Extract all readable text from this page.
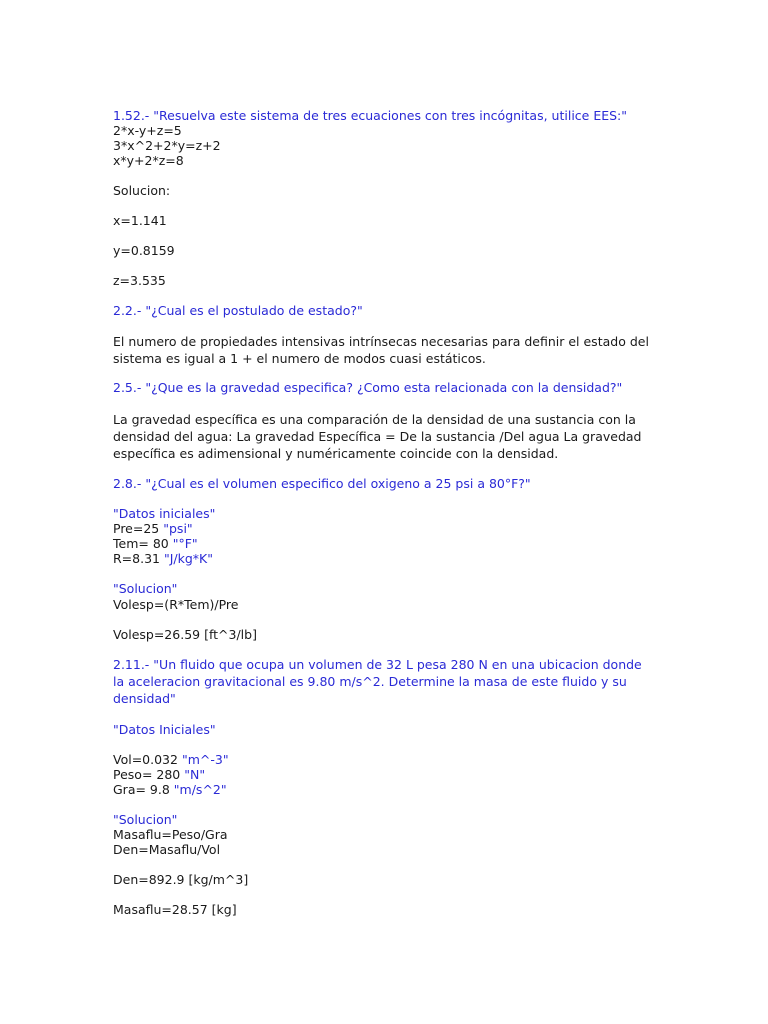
1.52.- "Resuelva este sistema de tres ecuaciones con tres incógnitas, utilice EES:"
2*x-y+z=5
3*x^2+2*y=z+2
x*y+2*z=8
Solucion:
x=1.141
y=0.8159
z=3.535
2.2.- "¿Cual es el postulado de estado?"
El numero de propiedades intensivas intrínsecas necesarias para definir el estado del
sistema es igual a 1 + el numero de modos cuasi estáticos.
2.5.- "¿Que es la gravedad especifica? ¿Como esta relacionada con la densidad?"
La gravedad específica es una comparación de la densidad de una sustancia con la
densidad del agua: La gravedad Específica = De la sustancia /Del agua La gravedad
específica es adimensional y numéricamente coincide con la densidad.
2.8.- "¿Cual es el volumen especifico del oxigeno a 25 psi a 80°F?"
"Datos iniciales"
Pre=25 "psi"
Tem= 80 "°F"
R=8.31 "J/kg*K"
"Solucion"
Volesp=(R*Tem)/Pre
Volesp=26.59 [ft^3/lb]
2.11.- "Un fluido que ocupa un volumen de 32 L pesa 280 N en una ubicacion donde
la aceleracion gravitacional es 9.80 m/s^2. Determine la masa de este fluido y su
densidad"
"Datos Iniciales"
Vol=0.032 "m^-3"
Peso= 280 "N"
Gra= 9.8 "m/s^2"
"Solucion"
Masaflu=Peso/Gra
Den=Masaflu/Vol
Den=892.9 [kg/m^3]
Masaflu=28.57 [kg]
